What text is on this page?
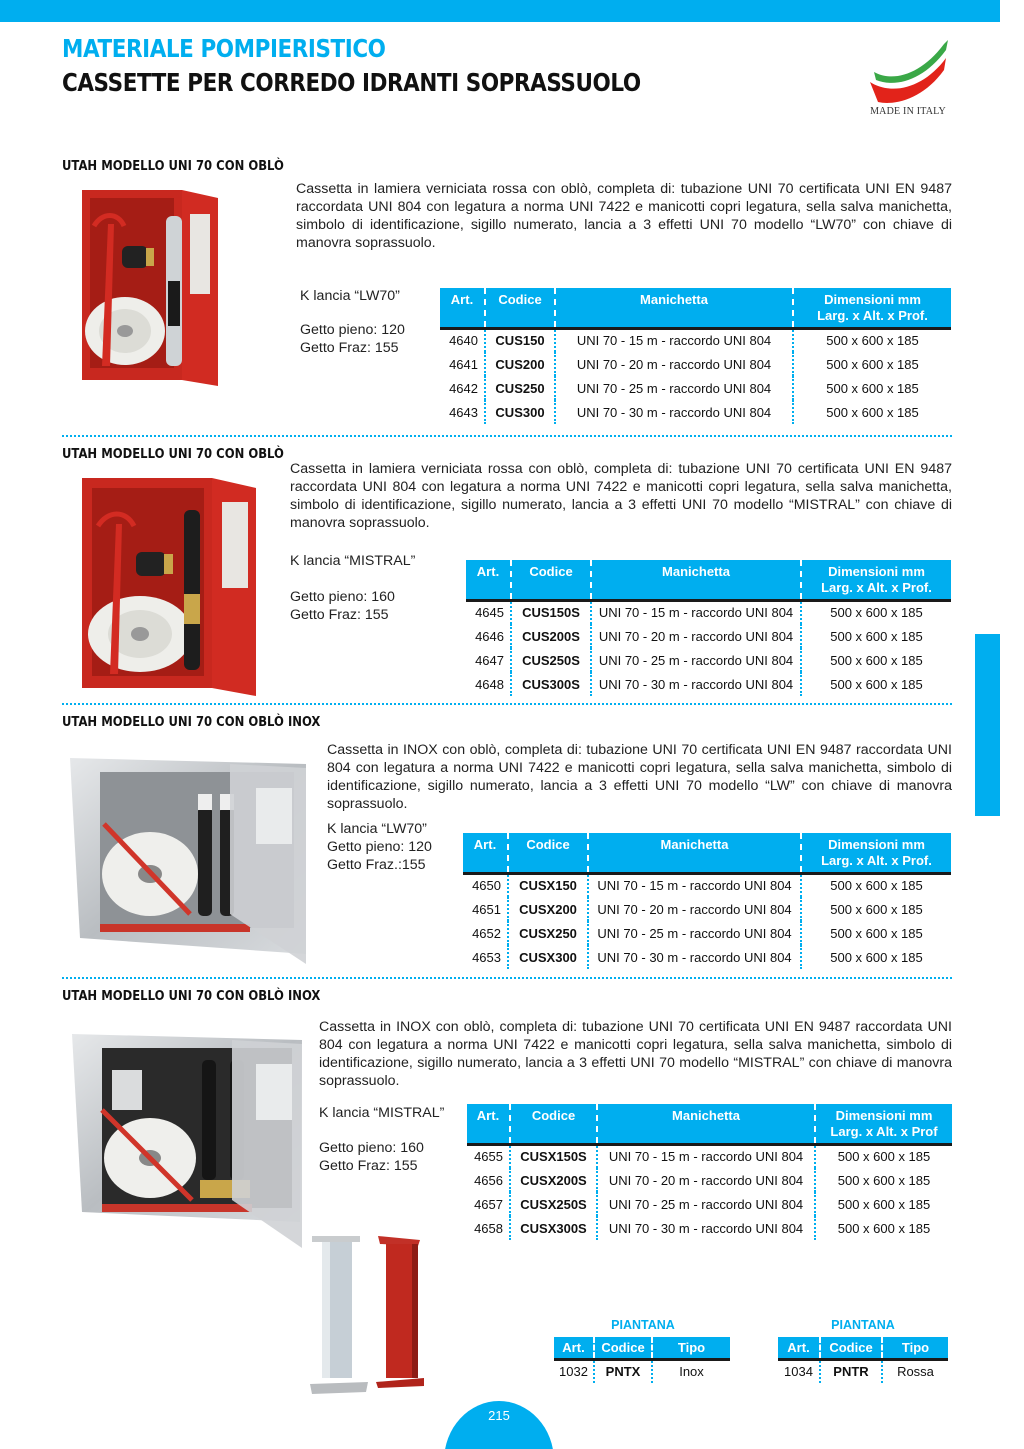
MATERIALE POMPIERISTICO
CASSETTE PER CORREDO IDRANTI SOPRASSUOLO
MADE IN ITALY
UTAH MODELLO UNI 70 CON OBLÒ
Cassetta in lamiera verniciata rossa con oblò, completa di: tubazione UNI 70 certificata UNI EN 9487 raccordata UNI 804 con legatura a norma UNI 7422 e manicotti copri legatura, sella salva manichetta, simbolo di identificazione, sigillo numerato, lancia a 3 effetti UNI 70 modello “LW70” con chiave di manovra soprassuolo.
K lancia “LW70”
Getto pieno: 120
Getto Fraz: 155
Art.	Codice	Manichetta	Dimensioni mm
Larg. x Alt. x Prof.
4640	CUS150	UNI 70 - 15 m - raccordo UNI 804	500 x 600 x 185
4641	CUS200	UNI 70 - 20 m - raccordo UNI 804	500 x 600 x 185
4642	CUS250	UNI 70 - 25 m - raccordo UNI 804	500 x 600 x 185
4643	CUS300	UNI 70 - 30 m - raccordo UNI 804	500 x 600 x 185
UTAH MODELLO UNI 70 CON OBLÒ
Cassetta in lamiera verniciata rossa con oblò, completa di: tubazione UNI 70 certificata UNI EN 9487 raccordata UNI 804 con legatura a norma UNI 7422 e manicotti copri legatura, sella salva manichetta, simbolo di identificazione, sigillo numerato, lancia a 3 effetti UNI 70 modello “MISTRAL” con chiave di manovra soprassuolo.
K lancia “MISTRAL”
Getto pieno: 160
Getto Fraz: 155
Art.	Codice	Manichetta	Dimensioni mm
Larg. x Alt. x Prof.
4645	CUS150S	UNI 70 - 15 m - raccordo UNI 804	500 x 600 x 185
4646	CUS200S	UNI 70 - 20 m - raccordo UNI 804	500 x 600 x 185
4647	CUS250S	UNI 70 - 25 m - raccordo UNI 804	500 x 600 x 185
4648	CUS300S	UNI 70 - 30 m - raccordo UNI 804	500 x 600 x 185
UTAH MODELLO UNI 70 CON OBLÒ INOX
Cassetta in INOX con oblò, completa di: tubazione UNI 70 certificata UNI EN 9487 raccordata UNI 804 con legatura a norma UNI 7422 e manicotti copri legatura, sella salva manichetta, simbolo di identificazione, sigillo numerato, lancia a 3 effetti UNI 70 modello “LW” con chiave di manovra soprassuolo.
K lancia “LW70”
Getto pieno: 120
Getto Fraz.:155
Art.	Codice	Manichetta	Dimensioni mm
Larg. x Alt. x Prof.
4650	CUSX150	UNI 70 - 15 m - raccordo UNI 804	500 x 600 x 185
4651	CUSX200	UNI 70 - 20 m - raccordo UNI 804	500 x 600 x 185
4652	CUSX250	UNI 70 - 25 m - raccordo UNI 804	500 x 600 x 185
4653	CUSX300	UNI 70 - 30 m - raccordo UNI 804	500 x 600 x 185
UTAH MODELLO UNI 70 CON OBLÒ INOX
Cassetta in INOX con oblò, completa di: tubazione UNI 70 certificata UNI EN 9487 raccordata UNI 804 con legatura a norma UNI 7422 e manicotti copri legatura, sella salva manichetta, simbolo di identificazione, sigillo numerato, lancia a 3 effetti UNI 70 modello “MISTRAL” con chiave di manovra soprassuolo.
K lancia “MISTRAL”
Getto pieno: 160
Getto Fraz: 155
Art.	Codice	Manichetta	Dimensioni mm
Larg. x Alt. x Prof
4655	CUSX150S	UNI 70 - 15 m - raccordo UNI 804	500 x 600 x 185
4656	CUSX200S	UNI 70 - 20 m - raccordo UNI 804	500 x 600 x 185
4657	CUSX250S	UNI 70 - 25 m - raccordo UNI 804	500 x 600 x 185
4658	CUSX300S	UNI 70 - 30 m - raccordo UNI 804	500 x 600 x 185
PIANTANA
Art.	Codice	Tipo
1032	PNTX	Inox
PIANTANA
Art.	Codice	Tipo
1034	PNTR	Rossa
215
